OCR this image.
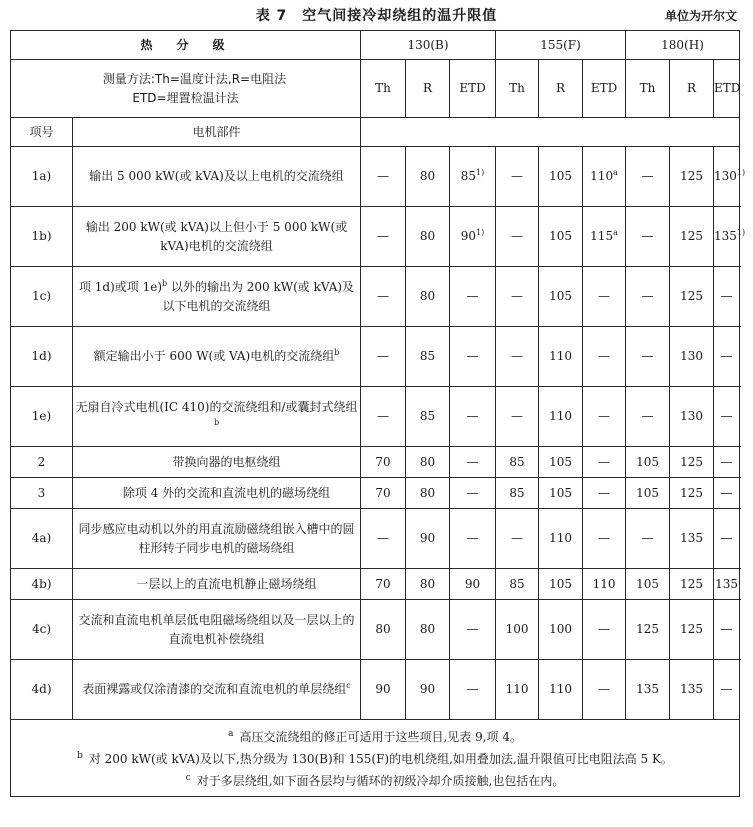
表 7　空气间接冷却绕组的温升限值	单位为开尔文
热　分　级		130(B)			155(F)			180(H)		

测量方法:Th=温度计法,R=电阻法
ETD=埋置检温计法		Th	R	ETD	Th	R	ETD	Th	R	ETD
项号	电机部件									
1a)	输出 5 000 kW(或 kVA)及以上电机的交流绕组	—	80	85$^{1)}$	—	105	110$^a$	—	125	130$^{1)}$
1b)	输出 200 kW(或 kVA)以上但小于 5 000 kW(或 kVA)电机的交流绕组	—	80	90$^{1)}$	—	105	115$^a$	—	125	135$^{1)}$
1c)	项 1d)或项 1e)$^b$ 以外的输出为 200 kW(或 kVA)及以下电机的交流绕组	—	80	—	—	105	—	—	125	—
1d)	额定输出小于 600 W(或 VA)电机的交流绕组$^b$	—	85	—	—	110	—	—	130	—
1e)	无扇自冷式电机(IC 410)的交流绕组和/或囊封式绕组$^b$	—	85	—	—	110	—	—	130	—
2	带换向器的电枢绕组	70	80	—	85	105	—	105	125	—
3	除项 4 外的交流和直流电机的磁场绕组	70	80	—	85	105	—	105	125	—
4a)	同步感应电动机以外的用直流励磁绕组嵌入槽中的圆柱形转子同步电机的磁场绕组	—	90	—	—	110	—	—	135	—
4b)	一层以上的直流电机静止磁场绕组	70	80	90	85	105	110	105	125	135
4c)	交流和直流电机单层低电阻磁场绕组以及一层以上的直流电机补偿绕组	80	80	—	100	100	—	125	125	—
4d)	表面裸露或仅涂清漆的交流和直流电机的单层绕组$^c$	90	90	—	110	110	—	135	135	—

$^a$ 高压交流绕组的修正可适用于这些项目,见表 9,项 4。
$^b$ 对 200 kW(或 kVA)及以下,热分级为 130(B)和 155(F)的电机绕组,如用叠加法,温升限值可比电阻法高 5 K。
$^c$ 对于多层绕组,如下面各层均与循环的初级冷却介质接触,也包括在内。										
